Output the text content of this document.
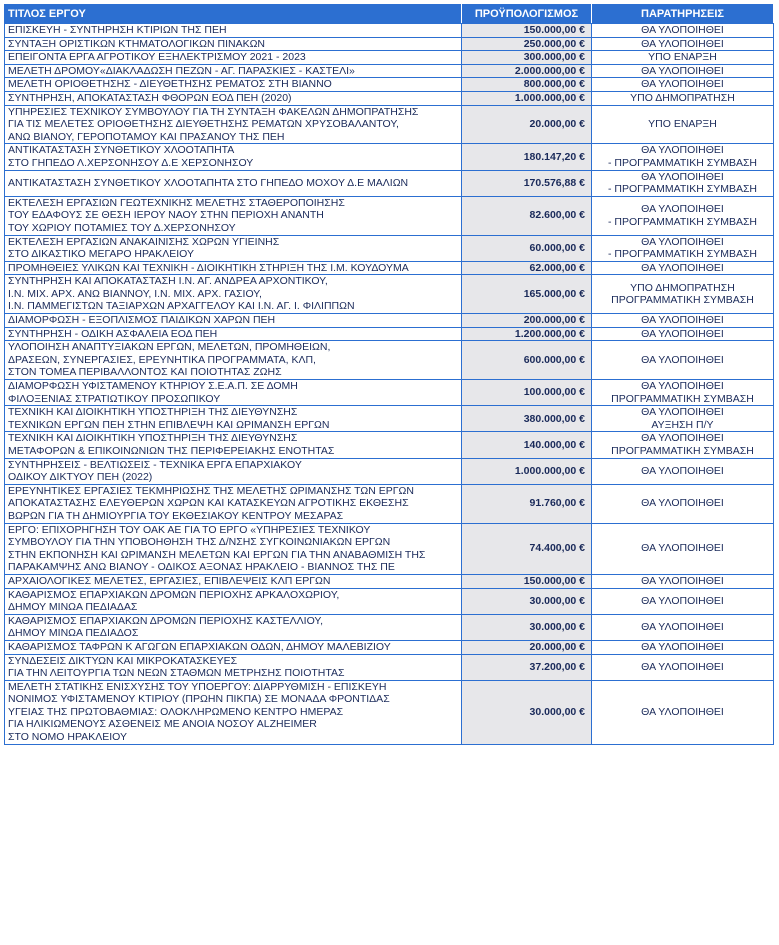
ΤΙΤΛΟΣ ΕΡΓΟΥ	ΠΡΟΫΠΟΛΟΓΙΣΜΟΣ	ΠΑΡΑΤΗΡΗΣΕΙΣ

ΕΠΙΣΚΕΥΗ - ΣΥΝΤΗΡΗΣΗ ΚΤΙΡΙΩΝ ΤΗΣ ΠΕΗ	150.000,00 €	ΘΑ ΥΛΟΠΟΙΗΘΕΙ

ΣΥΝΤΑΞΗ ΟΡΙΣΤΙΚΩΝ ΚΤΗΜΑΤΟΛΟΓΙΚΩΝ ΠΙΝΑΚΩΝ	250.000,00 €	ΘΑ ΥΛΟΠΟΙΗΘΕΙ

ΕΠΕΙΓΟΝΤΑ ΕΡΓΑ ΑΓΡΟΤΙΚΟΥ ΕΞΗΛΕΚΤΡΙΣΜΟΥ 2021 - 2023	300.000,00 €	ΥΠΟ ΕΝΑΡΞΗ

ΜΕΛΕΤΗ ΔΡΟΜΟΥ«ΔΙΑΚΛΑΔΩΣΗ ΠΕΖΩΝ - ΑΓ. ΠΑΡΑΣΚΙΕΣ - ΚΑΣΤΕΛΙ»	2.000.000,00 €	ΘΑ ΥΛΟΠΟΙΗΘΕΙ

ΜΕΛΕΤΗ ΟΡΙΟΘΕΤΗΣΗΣ - ΔΙΕΥΘΕΤΗΣΗΣ ΡΕΜΑΤΟΣ ΣΤΗ ΒΙΑΝΝΟ	800.000,00 €	ΘΑ ΥΛΟΠΟΙΗΘΕΙ

ΣΥΝΤΗΡΗΣΗ, ΑΠΟΚΑΤΑΣΤΑΣΗ ΦΘΟΡΩΝ ΕΟΔ ΠΕΗ (2020)	1.000.000,00 €	ΥΠΟ ΔΗΜΟΠΡΑΤΗΣΗ

ΥΠΗΡΕΣΙΕΣ ΤΕΧΝΙΚΟΥ ΣΥΜΒΟΥΛΟΥ ΓΙΑ ΤΗ ΣΥΝΤΑΞΗ ΦΑΚΕΛΩΝ ΔΗΜΟΠΡΑΤΗΣΗΣ
ΓΙΑ ΤΙΣ ΜΕΛΕΤΕΣ ΟΡΙΟΘΕΤΗΣΗΣ ΔΙΕΥΘΕΤΗΣΗΣ ΡΕΜΑΤΩΝ ΧΡΥΣΟΒΑΛΑΝΤΟΥ,
ΑΝΩ ΒΙΑΝΟΥ, ΓΕΡΟΠΟΤΑΜΟΥ ΚΑΙ ΠΡΑΣΑΝΟΥ ΤΗΣ ΠΕΗ	20.000,00 €	ΥΠΟ ΕΝΑΡΞΗ

ΑΝΤΙΚΑΤΑΣΤΑΣΗ ΣΥΝΘΕΤΙΚΟΥ ΧΛΟΟΤΑΠΗΤΑ
ΣΤΟ ΓΗΠΕΔΟ Λ.ΧΕΡΣΟΝΗΣΟΥ Δ.Ε ΧΕΡΣΟΝΗΣΟΥ	180.147,20 €	ΘΑ ΥΛΟΠΟΙΗΘΕΙ
- ΠΡΟΓΡΑΜΜΑΤΙΚΗ ΣΥΜΒΑΣΗ

ΑΝΤΙΚΑΤΑΣΤΑΣΗ ΣΥΝΘΕΤΙΚΟΥ ΧΛΟΟΤΑΠΗΤΑ ΣΤΟ ΓΗΠΕΔΟ ΜΟΧΟΥ Δ.Ε ΜΑΛΙΩΝ	170.576,88 €	ΘΑ ΥΛΟΠΟΙΗΘΕΙ
- ΠΡΟΓΡΑΜΜΑΤΙΚΗ ΣΥΜΒΑΣΗ

ΕΚΤΕΛΕΣΗ ΕΡΓΑΣΙΩΝ ΓΕΩΤΕΧΝΙΚΗΣ ΜΕΛΕΤΗΣ ΣΤΑΘΕΡΟΠΟΙΗΣΗΣ
ΤΟΥ ΕΔΑΦΟΥΣ ΣΕ ΘΕΣΗ ΙΕΡΟΥ ΝΑΟΥ ΣΤΗΝ ΠΕΡΙΟΧΗ ΑΝΑΝΤΗ
ΤΟΥ ΧΩΡΙΟΥ ΠΟΤΑΜΙΕΣ ΤΟΥ Δ.ΧΕΡΣΟΝΗΣΟΥ	82.600,00 €	ΘΑ ΥΛΟΠΟΙΗΘΕΙ
- ΠΡΟΓΡΑΜΜΑΤΙΚΗ ΣΥΜΒΑΣΗ

ΕΚΤΕΛΕΣΗ ΕΡΓΑΣΙΩΝ ΑΝΑΚΑΙΝΙΣΗΣ ΧΩΡΩΝ ΥΓΙΕΙΝΗΣ
ΣΤΟ ΔΙΚΑΣΤΙΚΟ ΜΕΓΑΡΟ ΗΡΑΚΛΕΙΟΥ	60.000,00 €	ΘΑ ΥΛΟΠΟΙΗΘΕΙ
- ΠΡΟΓΡΑΜΜΑΤΙΚΗ ΣΥΜΒΑΣΗ

ΠΡΟΜΗΘΕΙΕΣ ΥΛΙΚΩΝ ΚΑΙ ΤΕΧΝΙΚΗ - ΔΙΟΙΚΗΤΙΚΗ ΣΤΗΡΙΞΗ ΤΗΣ Ι.Μ. ΚΟΥΔΟΥΜΑ	62.000,00 €	ΘΑ ΥΛΟΠΟΙΗΘΕΙ

ΣΥΝΤΗΡΗΣΗ ΚΑΙ ΑΠΟΚΑΤΑΣΤΑΣΗ Ι.Ν. ΑΓ. ΑΝΔΡΕΑ ΑΡΧΟΝΤΙΚΟΥ,
Ι.Ν. ΜΙΧ. ΑΡΧ. ΑΝΩ ΒΙΑΝΝΟΥ, Ι.Ν. ΜΙΧ. ΑΡΧ. ΓΑΣΙΟΥ,
Ι.Ν. ΠΑΜΜΕΓΙΣΤΩΝ ΤΑΞΙΑΡΧΩΝ ΑΡΧΑΓΓΕΛΟΥ ΚΑΙ Ι.Ν. ΑΓ. Ι. ΦΙΛΙΠΠΩΝ	165.000,00 €	ΥΠΟ ΔΗΜΟΠΡΑΤΗΣΗ
ΠΡΟΓΡΑΜΜΑΤΙΚΗ ΣΥΜΒΑΣΗ

ΔΙΑΜΟΡΦΩΣΗ - ΕΞΟΠΛΙΣΜΟΣ ΠΑΙΔΙΚΩΝ ΧΑΡΩΝ ΠΕΗ	200.000,00 €	ΘΑ ΥΛΟΠΟΙΗΘΕΙ

ΣΥΝΤΗΡΗΣΗ - ΟΔΙΚΗ ΑΣΦΑΛΕΙΑ ΕΟΔ ΠΕΗ	1.200.000,00 €	ΘΑ ΥΛΟΠΟΙΗΘΕΙ

ΥΛΟΠΟΙΗΣΗ ΑΝΑΠΤΥΞΙΑΚΩΝ ΕΡΓΩΝ, ΜΕΛΕΤΩΝ, ΠΡΟΜΗΘΕΙΩΝ,
ΔΡΑΣΕΩΝ, ΣΥΝΕΡΓΑΣΙΕΣ, ΕΡΕΥΝΗΤΙΚΑ ΠΡΟΓΡΑΜΜΑΤΑ, ΚΛΠ,
ΣΤΟΝ ΤΟΜΕΑ ΠΕΡΙΒΑΛΛΟΝΤΟΣ ΚΑΙ ΠΟΙΟΤΗΤΑΣ ΖΩΗΣ	600.000,00 €	ΘΑ ΥΛΟΠΟΙΗΘΕΙ

ΔΙΑΜΟΡΦΩΣΗ ΥΦΙΣΤΑΜΕΝΟΥ ΚΤΗΡΙΟΥ Σ.Ε.Α.Π. ΣΕ ΔΟΜΗ
ΦΙΛΟΞΕΝΙΑΣ ΣΤΡΑΤΙΩΤΙΚΟΥ ΠΡΟΣΩΠΙΚΟΥ	100.000,00 €	ΘΑ ΥΛΟΠΟΙΗΘΕΙ
ΠΡΟΓΡΑΜΜΑΤΙΚΗ ΣΥΜΒΑΣΗ

ΤΕΧΝΙΚΗ ΚΑΙ ΔΙΟΙΚΗΤΙΚΗ ΥΠΟΣΤΗΡΙΞΗ ΤΗΣ ΔΙΕΥΘΥΝΣΗΣ
ΤΕΧΝΙΚΩΝ ΕΡΓΩΝ ΠΕΗ ΣΤΗΝ ΕΠΙΒΛΕΨΗ ΚΑΙ ΩΡΙΜΑΝΣΗ ΕΡΓΩΝ	380.000,00 €	ΘΑ ΥΛΟΠΟΙΗΘΕΙ
ΑΥΞΗΣΗ Π/Υ

ΤΕΧΝΙΚΗ ΚΑΙ ΔΙΟΙΚΗΤΙΚΗ ΥΠΟΣΤΗΡΙΞΗ ΤΗΣ ΔΙΕΥΘΥΝΣΗΣ
ΜΕΤΑΦΟΡΩΝ & ΕΠΙΚΟΙΝΩΝΙΩΝ ΤΗΣ ΠΕΡΙΦΕΡΕΙΑΚΗΣ ΕΝΟΤΗΤΑΣ	140.000,00 €	ΘΑ ΥΛΟΠΟΙΗΘΕΙ
ΠΡΟΓΡΑΜΜΑΤΙΚΗ ΣΥΜΒΑΣΗ

ΣΥΝΤΗΡΗΣΕΙΣ - ΒΕΛΤΙΩΣΕΙΣ - ΤΕΧΝΙΚΑ ΕΡΓΑ ΕΠΑΡΧΙΑΚΟΥ
ΟΔΙΚΟΥ ΔΙΚΤΥΟΥ ΠΕΗ (2022)	1.000.000,00 €	ΘΑ ΥΛΟΠΟΙΗΘΕΙ

ΕΡΕΥΝΗΤΙΚΕΣ ΕΡΓΑΣΙΕΣ ΤΕΚΜΗΡΙΩΣΗΣ ΤΗΣ ΜΕΛΕΤΗΣ ΩΡΙΜΑΝΣΗΣ ΤΩΝ ΕΡΓΩΝ
ΑΠΟΚΑΤΑΣΤΑΣΗΣ ΕΛΕΥΘΕΡΩΝ ΧΩΡΩΝ ΚΑΙ ΚΑΤΑΣΚΕΥΩΝ ΑΓΡΟΤΙΚΗΣ ΕΚΘΕΣΗΣ
ΒΩΡΩΝ ΓΙΑ ΤΗ ΔΗΜΙΟΥΡΓΙΑ ΤΟΥ ΕΚΘΕΣΙΑΚΟΥ ΚΕΝΤΡΟΥ ΜΕΣΑΡΑΣ	91.760,00 €	ΘΑ ΥΛΟΠΟΙΗΘΕΙ

ΕΡΓΟ: ΕΠΙΧΟΡΗΓΗΣΗ ΤΟΥ ΟΑΚ ΑΕ ΓΙΑ ΤΟ ΕΡΓΟ «ΥΠΗΡΕΣΙΕΣ ΤΕΧΝΙΚΟΥ
ΣΥΜΒΟΥΛΟΥ ΓΙΑ ΤΗΝ ΥΠΟΒΟΗΘΗΣΗ ΤΗΣ Δ/ΝΣΗΣ ΣΥΓΚΟΙΝΩΝΙΑΚΩΝ ΕΡΓΩΝ
ΣΤΗΝ ΕΚΠΟΝΗΣΗ ΚΑΙ ΩΡΙΜΑΝΣΗ ΜΕΛΕΤΩΝ ΚΑΙ ΕΡΓΩΝ ΓΙΑ ΤΗΝ ΑΝΑΒΑΘΜΙΣΗ ΤΗΣ
ΠΑΡΑΚΑΜΨΗΣ ΑΝΩ ΒΙΑΝΟΥ - ΟΔΙΚΟΣ ΑΞΟΝΑΣ ΗΡΑΚΛΕΙΟ - ΒΙΑΝΝΟΣ ΤΗΣ ΠΕ	74.400,00 €	ΘΑ ΥΛΟΠΟΙΗΘΕΙ

ΑΡΧΑΙΟΛΟΓΙΚΕΣ ΜΕΛΕΤΕΣ, ΕΡΓΑΣΙΕΣ, ΕΠΙΒΛΕΨΕΙΣ ΚΛΠ ΕΡΓΩΝ	150.000,00 €	ΘΑ ΥΛΟΠΟΙΗΘΕΙ

ΚΑΘΑΡΙΣΜΟΣ ΕΠΑΡΧΙΑΚΩΝ ΔΡΟΜΩΝ ΠΕΡΙΟΧΗΣ ΑΡΚΑΛΟΧΩΡΙΟΥ,
ΔΗΜΟΥ ΜΙΝΩΑ ΠΕΔΙΑΔΑΣ	30.000,00 €	ΘΑ ΥΛΟΠΟΙΗΘΕΙ

ΚΑΘΑΡΙΣΜΟΣ ΕΠΑΡΧΙΑΚΩΝ ΔΡΟΜΩΝ ΠΕΡΙΟΧΗΣ ΚΑΣΤΕΛΛΙΟΥ,
ΔΗΜΟΥ ΜΙΝΩΑ ΠΕΔΙΑΔΟΣ	30.000,00 €	ΘΑ ΥΛΟΠΟΙΗΘΕΙ

ΚΑΘΑΡΙΣΜΟΣ ΤΑΦΡΩΝ Κ ΑΓΩΓΩΝ ΕΠΑΡΧΙΑΚΩΝ ΟΔΩΝ, ΔΗΜΟΥ ΜΑΛΕΒΙΖΙΟΥ	20.000,00 €	ΘΑ ΥΛΟΠΟΙΗΘΕΙ

ΣΥΝΔΕΣΕΙΣ ΔΙΚΤΥΩΝ ΚΑΙ ΜΙΚΡΟΚΑΤΑΣΚΕΥΕΣ
ΓΙΑ ΤΗΝ ΛΕΙΤΟΥΡΓΙΑ ΤΩΝ ΝΕΩΝ ΣΤΑΘΜΩΝ ΜΕΤΡΗΣΗΣ ΠΟΙΟΤΗΤΑΣ	37.200,00 €	ΘΑ ΥΛΟΠΟΙΗΘΕΙ

ΜΕΛΕΤΗ ΣΤΑΤΙΚΗΣ ΕΝΙΣΧΥΣΗΣ ΤΟΥ ΥΠΟΕΡΓΟΥ: ΔΙΑΡΡΥΘΜΙΣΗ - ΕΠΙΣΚΕΥΗ
ΝΟΝΙΜΟΣ ΥΦΙΣΤΑΜΕΝΟΥ ΚΤΙΡΙΟΥ (ΠΡΩΗΝ ΠΙΚΠΑ) ΣΕ ΜΟΝΑΔΑ ΦΡΟΝΤΙΔΑΣ
ΥΓΕΙΑΣ ΤΗΣ ΠΡΩΤΟΒΑΘΜΙΑΣ: ΟΛΟΚΛΗΡΩΜΕΝΟ ΚΕΝΤΡΟ ΗΜΕΡΑΣ
ΓΙΑ ΗΛΙΚΙΩΜΕΝΟΥΣ ΑΣΘΕΝΕΙΣ ΜΕ ΑΝΟΙΑ ΝΟΣΟΥ ALZHEIMER
ΣΤΟ ΝΟΜΟ ΗΡΑΚΛΕΙΟΥ	30.000,00 €	ΘΑ ΥΛΟΠΟΙΗΘΕΙ
